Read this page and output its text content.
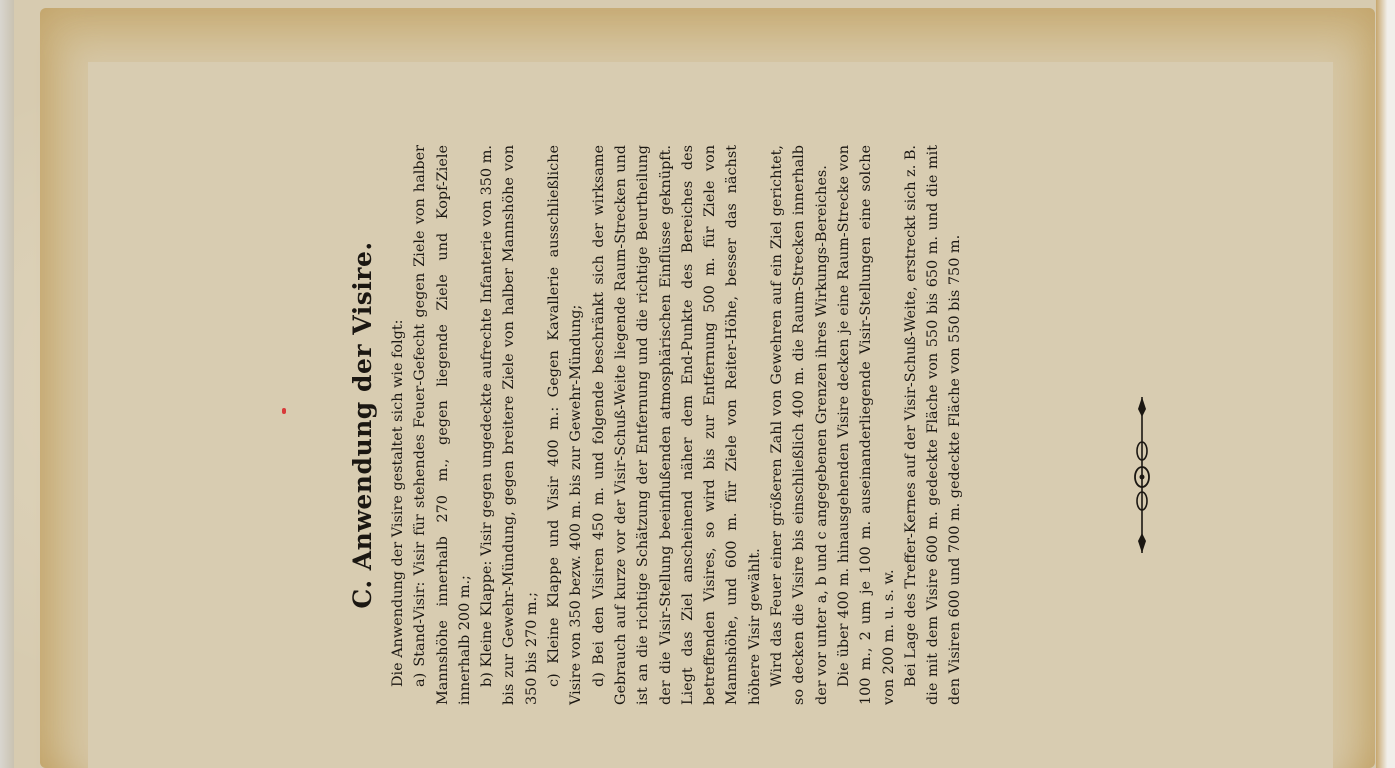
C. Anwendung der Visire. Die Anwendung der Visire gestaltet sich wie folgt: a) Stand-Visir: Visir für stehendes Feuer-Gefecht gegen Ziele von halber Mannshöhe innerhalb 270 m., gegen liegende Ziele und Kopf-Ziele innerhalb 200 m.; b) Kleine Klappe: Visir gegen ungedeckte aufrechte Infanterie von 350 m. bis zur Gewehr-Mündung, gegen breitere Ziele von halber Mannshöhe von 350 bis 270 m.; c) Kleine Klappe und Visir 400 m.: Gegen Kavallerie ausschließliche Visire von 350 bezw. 400 m. bis zur Gewehr-Mündung; d) Bei den Visiren 450 m. und folgende beschränkt sich der wirksame Gebrauch auf kurze vor der Visir-Schuß-Weite liegende Raum-Strecken und ist an die richtige Schätzung der Entfernung und die richtige Beurtheilung der die Visir-Stellung beeinflußenden atmosphärischen Einflüsse geknüpft. Liegt das Ziel anscheinend näher dem End-Punkte des Bereiches des betreffenden Visires, so wird bis zur Entfernung 500 m. für Ziele von Mannshöhe, und 600 m. für Ziele von Reiter-Höhe, besser das nächst höhere Visir gewählt. Wird das Feuer einer größeren Zahl von Gewehren auf ein Ziel gerichtet, so decken die Visire bis einschließlich 400 m. die Raum-Strecken innerhalb der vor unter a, b und c angegebenen Grenzen ihres Wirkungs-Bereiches. Die über 400 m. hinausgehenden Visire decken je eine Raum-Strecke von 100 m., 2 um je 100 m. auseinanderliegende Visir-Stellungen eine solche von 200 m. u. s. w. Bei Lage des Treffer-Kernes auf der Visir-Schuß-Weite, erstreckt sich z. B. die mit dem Visire 600 m. gedeckte Fläche von 550 bis 650 m. und die mit den Visiren 600 und 700 m. gedeckte Fläche von 550 bis 750 m.
